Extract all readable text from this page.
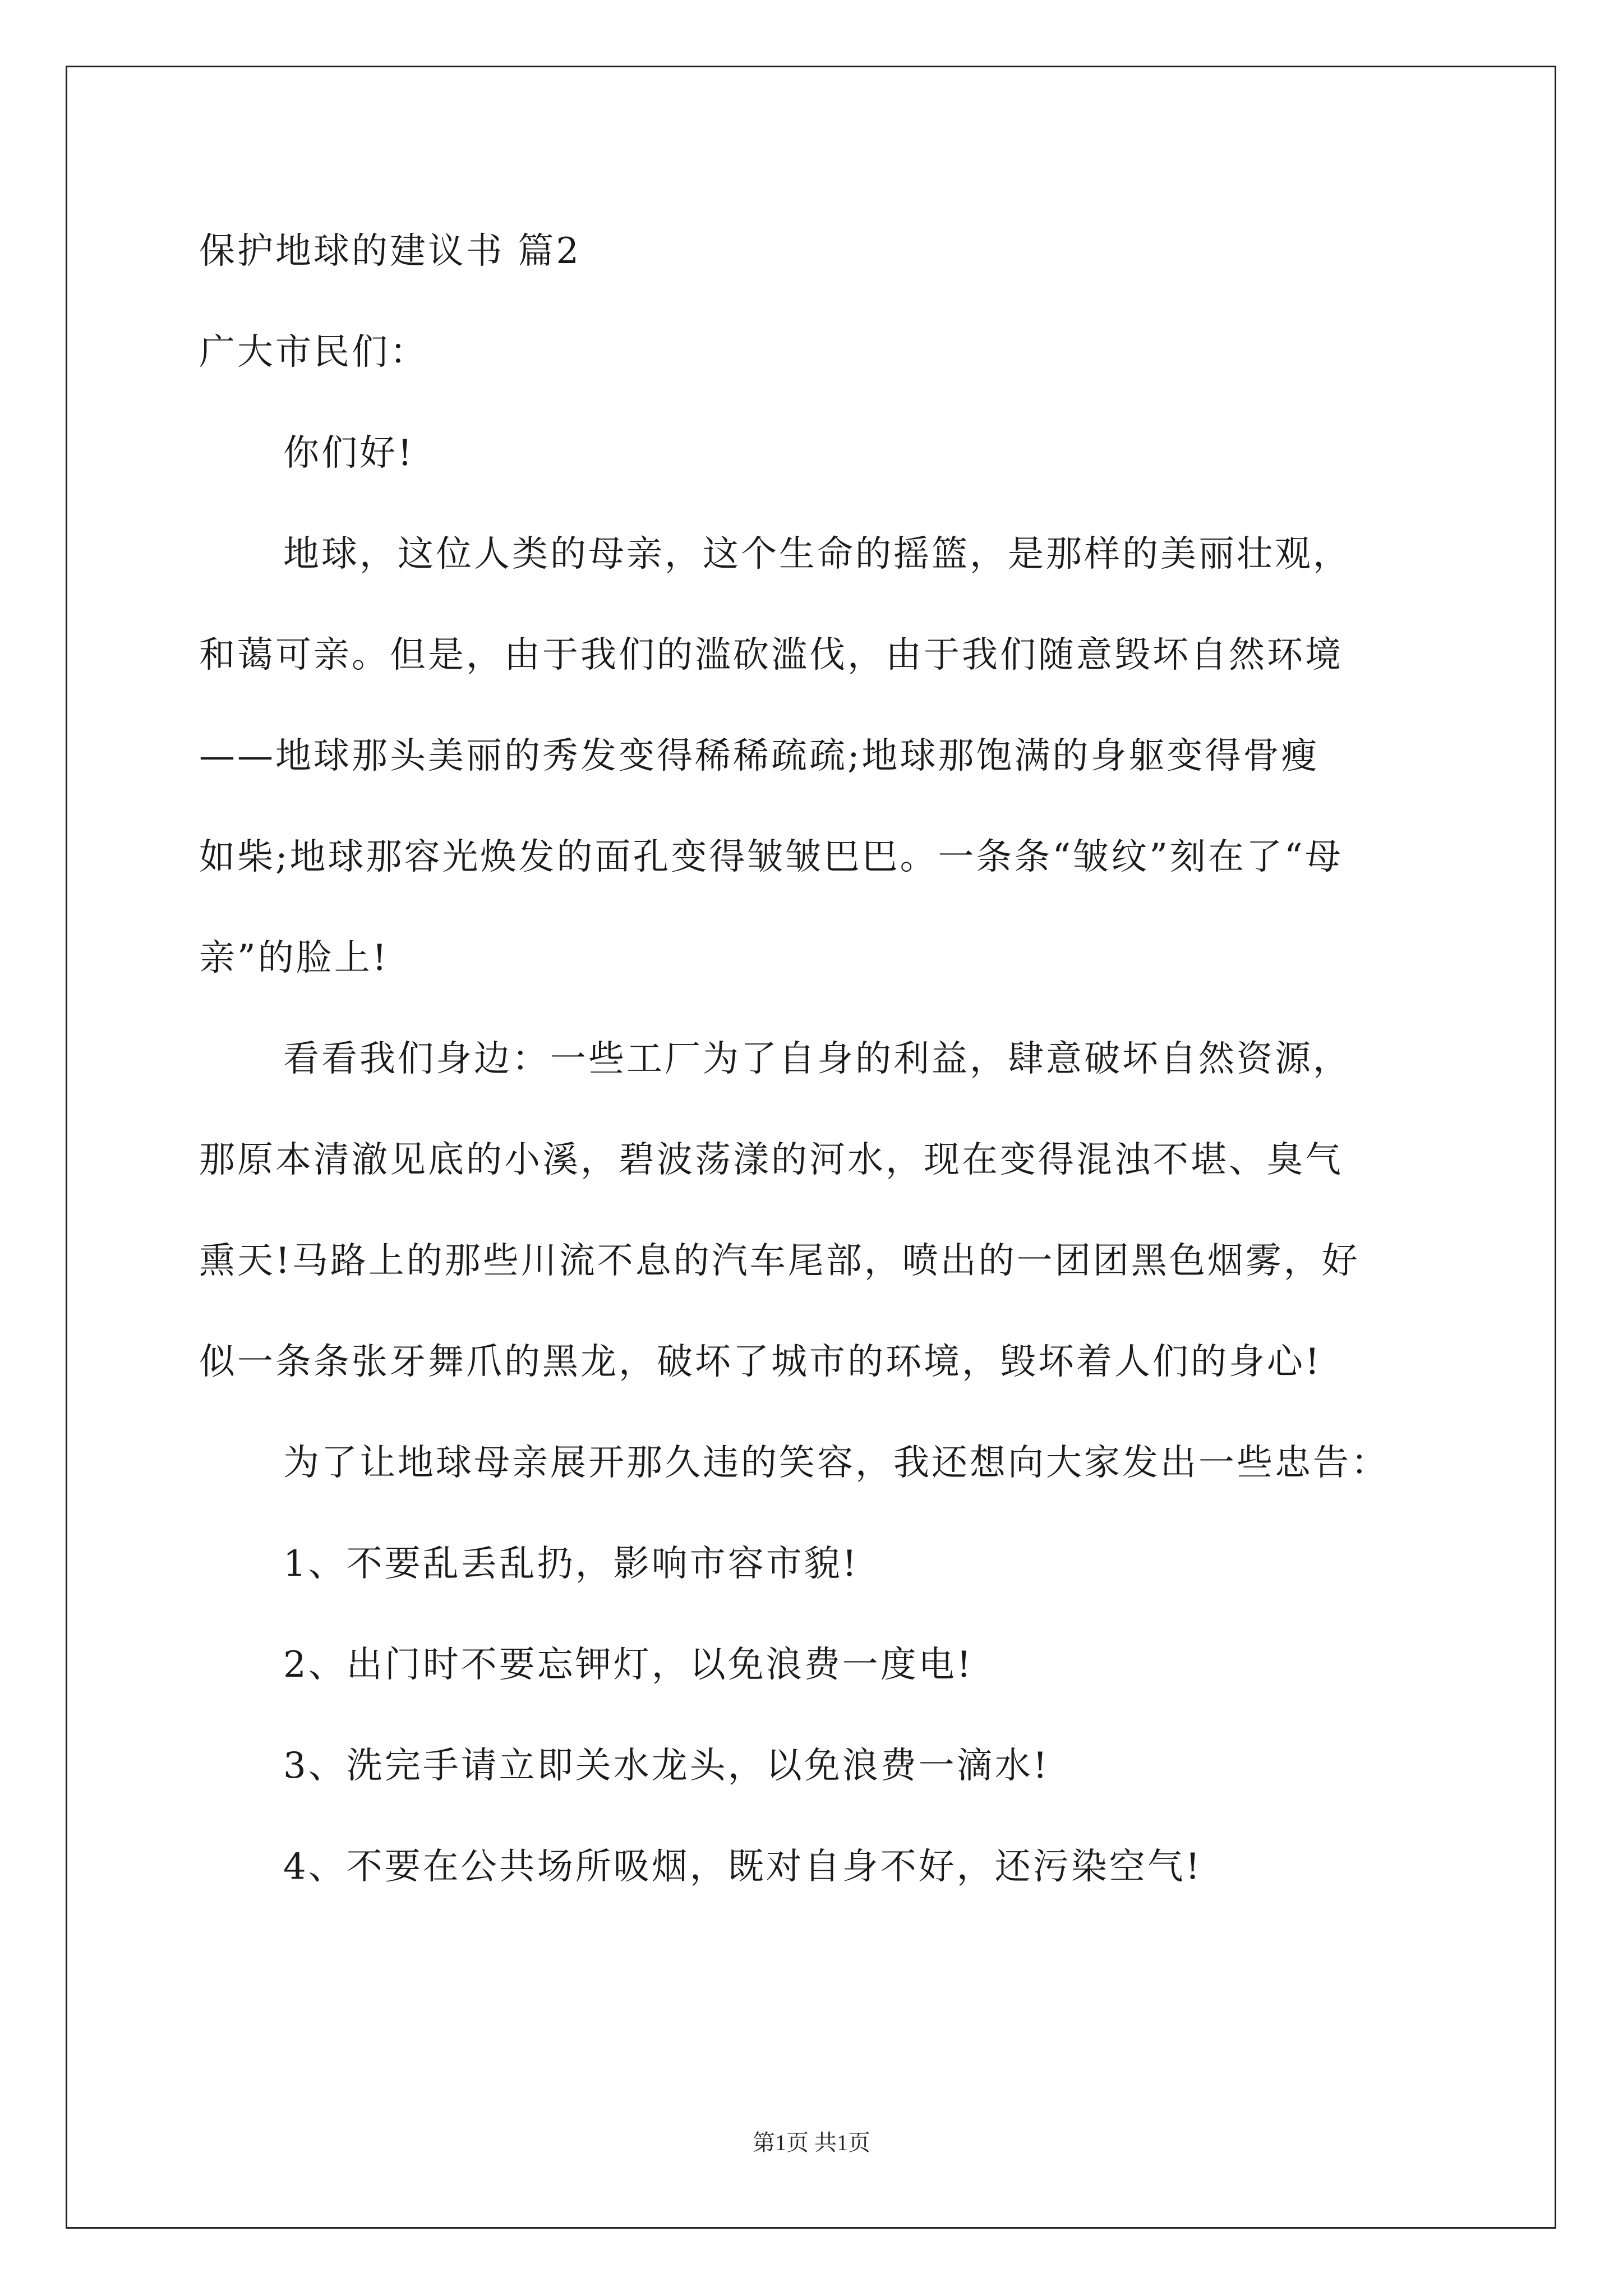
保护地球的建议书 篇2
广大市民们：
你们好!
地球，这位人类的母亲，这个生命的摇篮，是那样的美丽壮观，
和蔼可亲。但是，由于我们的滥砍滥伐，由于我们随意毁坏自然环境
——地球那头美丽的秀发变得稀稀疏疏;地球那饱满的身躯变得骨瘦
如柴;地球那容光焕发的面孔变得皱皱巴巴。一条条“皱纹”刻在了“母
亲”的脸上!
看看我们身边：一些工厂为了自身的利益，肆意破坏自然资源，
那原本清澈见底的小溪，碧波荡漾的河水，现在变得混浊不堪、臭气
熏天!马路上的那些川流不息的汽车尾部，喷出的一团团黑色烟雾，好
似一条条张牙舞爪的黑龙，破坏了城市的环境，毁坏着人们的身心!
为了让地球母亲展开那久违的笑容，我还想向大家发出一些忠告：
1、不要乱丢乱扔，影响市容市貌!
2、出门时不要忘钾灯，以免浪费一度电!
3、洗完手请立即关水龙头，以免浪费一滴水!
4、不要在公共场所吸烟，既对自身不好，还污染空气!
第1页 共1页
